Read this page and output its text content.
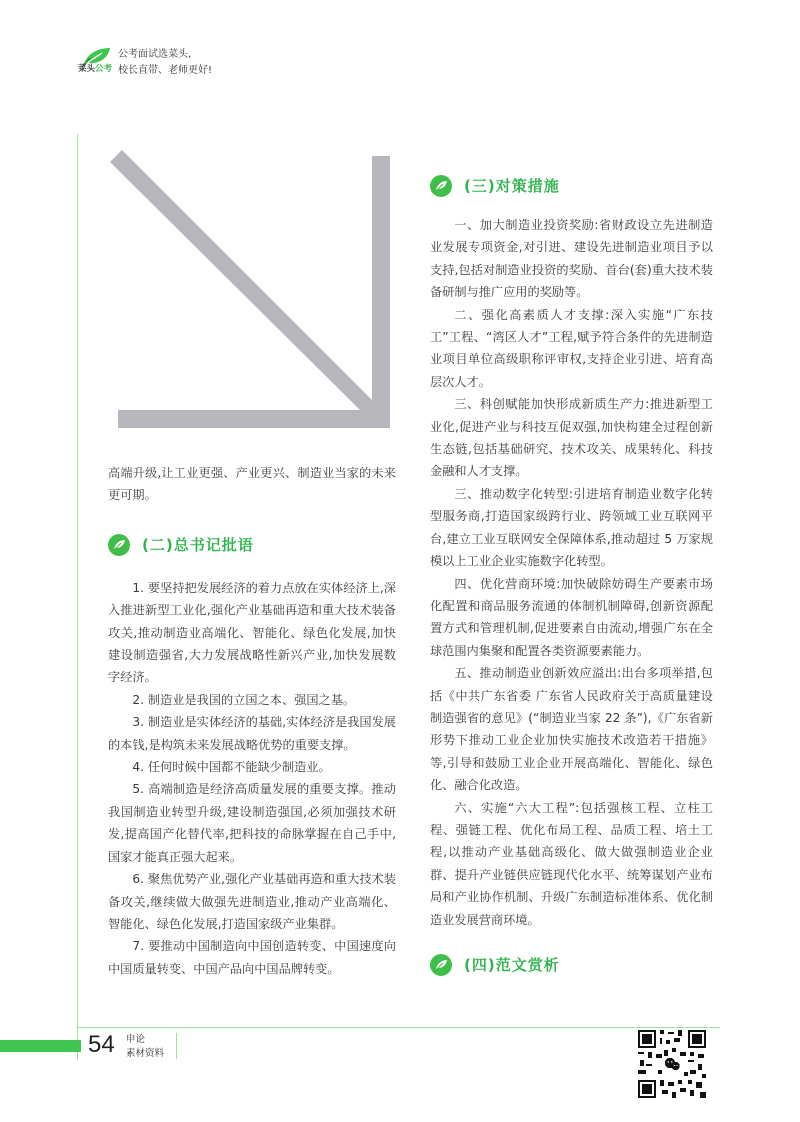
菜头公考
公考面试选菜头,
校长直带、老师更好!

高端升级,让工业更强、产业更兴、制造业当家的未来更可期。

(二)总书记批语

1. 要坚持把发展经济的着力点放在实体经济上,深入推进新型工业化,强化产业基础再造和重大技术装备攻关,推动制造业高端化、智能化、绿色化发展,加快建设制造强省,大力发展战略性新兴产业,加快发展数字经济。

2. 制造业是我国的立国之本、强国之基。

3. 制造业是实体经济的基础,实体经济是我国发展的本钱,是构筑未来发展战略优势的重要支撑。

4. 任何时候中国都不能缺少制造业。

5. 高端制造是经济高质量发展的重要支撑。推动我国制造业转型升级,建设制造强国,必须加强技术研发,提高国产化替代率,把科技的命脉掌握在自己手中,国家才能真正强大起来。

6. 聚焦优势产业,强化产业基础再造和重大技术装备攻关,继续做大做强先进制造业,推动产业高端化、智能化、绿色化发展,打造国家级产业集群。

7. 要推动中国制造向中国创造转变、中国速度向中国质量转变、中国产品向中国品牌转变。

(三)对策措施

一、加大制造业投资奖励:省财政设立先进制造业发展专项资金,对引进、建设先进制造业项目予以支持,包括对制造业投资的奖励、首台(套)重大技术装备研制与推广应用的奖励等。

二、强化高素质人才支撑:深入实施“广东技工”工程、“湾区人才”工程,赋予符合条件的先进制造业项目单位高级职称评审权,支持企业引进、培育高层次人才。

三、科创赋能加快形成新质生产力:推进新型工业化,促进产业与科技互促双强,加快构建全过程创新生态链,包括基础研究、技术攻关、成果转化、科技金融和人才支撑。

三、推动数字化转型:引进培育制造业数字化转型服务商,打造国家级跨行业、跨领域工业互联网平台,建立工业互联网安全保障体系,推动超过 5 万家规模以上工业企业实施数字化转型。

四、优化营商环境:加快破除妨碍生产要素市场化配置和商品服务流通的体制机制障碍,创新资源配置方式和管理机制,促进要素自由流动,增强广东在全球范围内集聚和配置各类资源要素能力。

五、推动制造业创新效应溢出:出台多项举措,包括《中共广东省委 广东省人民政府关于高质量建设制造强省的意见》(“制造业当家 22 条”),《广东省新形势下推动工业企业加快实施技术改造若干措施》等,引导和鼓励工业企业开展高端化、智能化、绿色化、融合化改造。

六、实施“六大工程”:包括强核工程、立柱工程、强链工程、优化布局工程、品质工程、培土工程,以推动产业基础高级化、做大做强制造业企业群、提升产业链供应链现代化水平、统筹谋划产业布局和产业协作机制、升级广东制造标准体系、优化制造业发展营商环境。

(四)范文赏析
54 申论
素材资料
